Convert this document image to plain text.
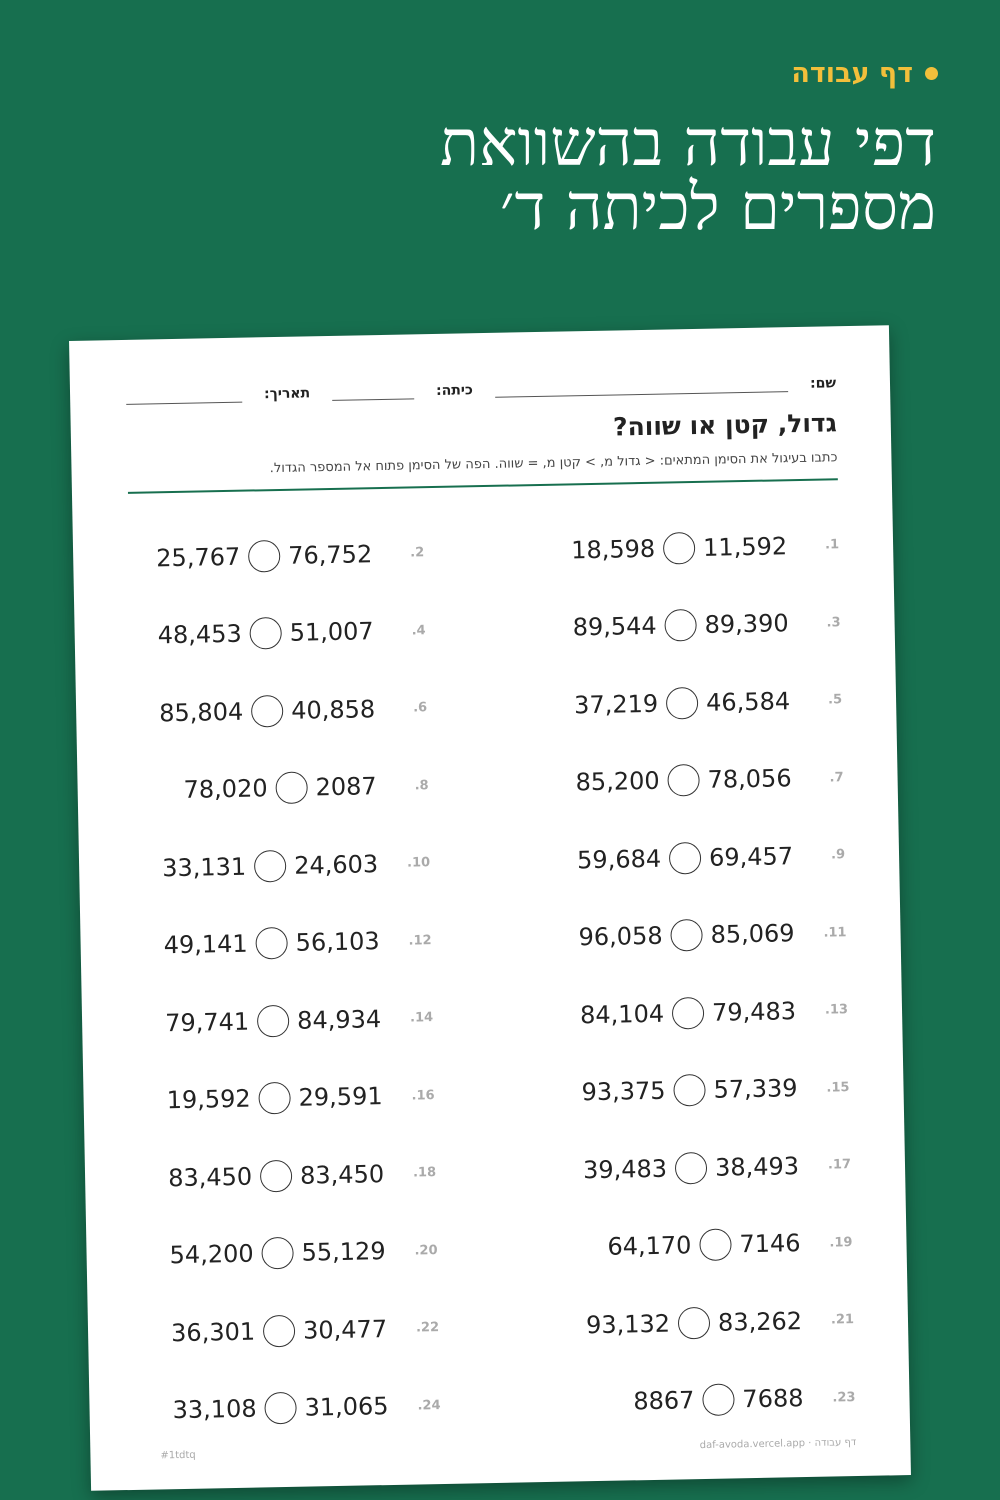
דף עבודה
דפי עבודה בהשוואת
מספרים לכיתה ד׳
שם:
כיתה:
תאריך:
גדול, קטן או שווה?
כתבו בעיגול את הסימן המתאים: < גדול מ, > קטן מ, = שווה. הפה של הסימן פתוח אל המספר הגדול.
1.
11,592
18,598
2.
76,752
25,767
3.
89,390
89,544
4.
51,007
48,453
5.
46,584
37,219
6.
40,858
85,804
7.
78,056
85,200
8.
2087
78,020
9.
69,457
59,684
10.
24,603
33,131
11.
85,069
96,058
12.
56,103
49,141
13.
79,483
84,104
14.
84,934
79,741
15.
57,339
93,375
16.
29,591
19,592
17.
38,493
39,483
18.
83,450
83,450
19.
7146
64,170
20.
55,129
54,200
21.
83,262
93,132
22.
30,477
36,301
23.
7688
8867
24.
31,065
33,108
#1tdtq
דף עבודה · daf-avoda.vercel.app
